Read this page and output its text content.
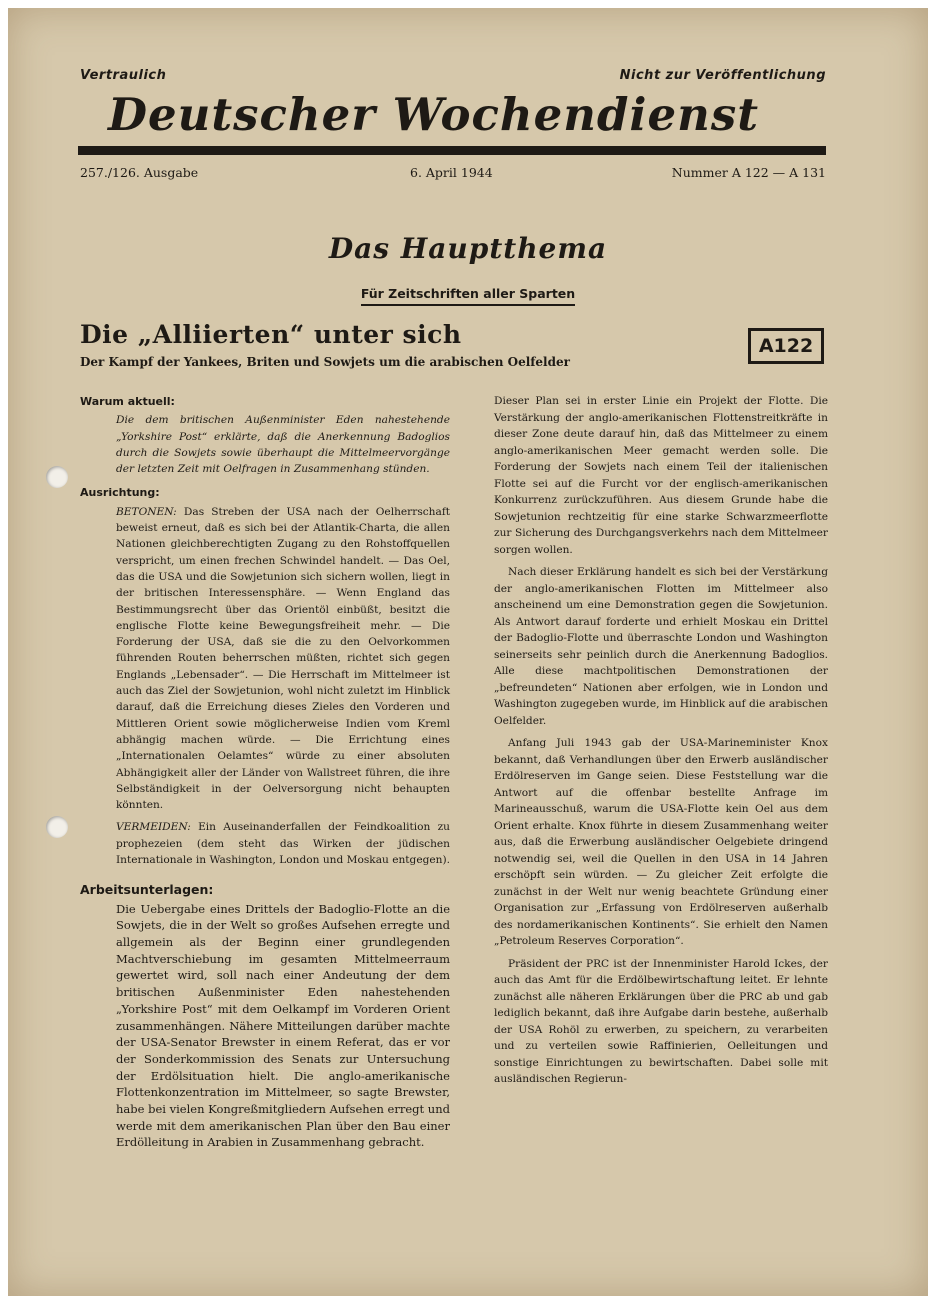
Vertraulich	Nicht zur Veröffentlichung
Deutscher Wochendienst
257./126. Ausgabe	6. April 1944	Nummer A 122 — A 131
Das Hauptthema
Für Zeitschriften aller Sparten
Die „Alliierten“ unter sich
Der Kampf der Yankees, Briten und Sowjets um die arabischen Oelfelder
A122
Warum aktuell:
Die dem britischen Außenminister Eden nahestehende „Yorkshire Post“ erklärte, daß die Anerkennung Badoglios durch die Sowjets sowie überhaupt die Mittelmeervorgänge der letzten Zeit mit Oelfragen in Zusammenhang stünden.
Ausrichtung:

BETONEN: Das Streben der USA nach der Oelherrschaft beweist erneut, daß es sich bei der Atlantik-Charta, die allen Nationen gleichberechtigten Zugang zu den Rohstoffquellen verspricht, um einen frechen Schwindel handelt. — Das Oel, das die USA und die Sowjetunion sich sichern wollen, liegt in der britischen Interessensphäre. — Wenn England das Bestimmungsrecht über das Orientöl einbüßt, besitzt die englische Flotte keine Bewegungsfreiheit mehr. — Die Forderung der USA, daß sie die zu den Oelvorkommen führenden Routen beherrschen müßten, richtet sich gegen Englands „Lebensader“. — Die Herrschaft im Mittelmeer ist auch das Ziel der Sowjetunion, wohl nicht zuletzt im Hinblick darauf, daß die Erreichung dieses Zieles den Vorderen und Mittleren Orient sowie möglicherweise Indien vom Kreml abhängig machen würde. — Die Errichtung eines „Internationalen Oelamtes“ würde zu einer absoluten Abhängigkeit aller der Länder von Wallstreet führen, die ihre Selbständigkeit in der Oelversorgung nicht behaupten könnten.

VERMEIDEN: Ein Auseinanderfallen der Feindkoalition zu prophezeien (dem steht das Wirken der jüdischen Internationale in Washington, London und Moskau entgegen).

Arbeitsunterlagen:
Die Uebergabe eines Drittels der Badoglio-Flotte an die Sowjets, die in der Welt so großes Aufsehen erregte und allgemein als der Beginn einer grundlegenden Machtverschiebung im gesamten Mittelmeerraum gewertet wird, soll nach einer Andeutung der dem britischen Außenminister Eden nahestehenden „Yorkshire Post“ mit dem Oelkampf im Vorderen Orient zusammenhängen. Nähere Mitteilungen darüber machte der USA-Senator Brewster in einem Referat, das er vor der Sonderkommission des Senats zur Untersuchung der Erdölsituation hielt. Die anglo-amerikanische Flottenkonzentration im Mittelmeer, so sagte Brewster, habe bei vielen Kongreßmitgliedern Aufsehen erregt und werde mit dem amerikanischen Plan über den Bau einer Erdölleitung in Arabien in Zusammenhang gebracht.

Dieser Plan sei in erster Linie ein Projekt der Flotte. Die Verstärkung der anglo-amerikanischen Flottenstreitkräfte in dieser Zone deute darauf hin, daß das Mittelmeer zu einem anglo-amerikanischen Meer gemacht werden solle. Die Forderung der Sowjets nach einem Teil der italienischen Flotte sei auf die Furcht vor der englisch-amerikanischen Konkurrenz zurückzuführen. Aus diesem Grunde habe die Sowjetunion rechtzeitig für eine starke Schwarzmeerflotte zur Sicherung des Durchgangsverkehrs nach dem Mittelmeer sorgen wollen.

Nach dieser Erklärung handelt es sich bei der Verstärkung der anglo-amerikanischen Flotten im Mittelmeer also anscheinend um eine Demonstration gegen die Sowjetunion. Als Antwort darauf forderte und erhielt Moskau ein Drittel der Badoglio-Flotte und überraschte London und Washington seinerseits sehr peinlich durch die Anerkennung Badoglios. Alle diese machtpolitischen Demonstrationen der „befreundeten“ Nationen aber erfolgen, wie in London und Washington zugegeben wurde, im Hinblick auf die arabischen Oelfelder.

Anfang Juli 1943 gab der USA-Marineminister Knox bekannt, daß Verhandlungen über den Erwerb ausländischer Erdölreserven im Gange seien. Diese Feststellung war die Antwort auf die offenbar bestellte Anfrage im Marineausschuß, warum die USA-Flotte kein Oel aus dem Orient erhalte. Knox führte in diesem Zusammenhang weiter aus, daß die Erwerbung ausländischer Oelgebiete dringend notwendig sei, weil die Quellen in den USA in 14 Jahren erschöpft sein würden. — Zu gleicher Zeit erfolgte die zunächst in der Welt nur wenig beachtete Gründung einer Organisation zur „Erfassung von Erdölreserven außerhalb des nordamerikanischen Kontinents“. Sie erhielt den Namen „Petroleum Reserves Corporation“.

Präsident der PRC ist der Innenminister Harold Ickes, der auch das Amt für die Erdölbewirtschaftung leitet. Er lehnte zunächst alle näheren Erklärungen über die PRC ab und gab lediglich bekannt, daß ihre Aufgabe darin bestehe, außerhalb der USA Rohöl zu erwerben, zu speichern, zu verarbeiten und zu verteilen sowie Raffinierien, Oelleitungen und sonstige Einrichtungen zu bewirtschaften. Dabei solle mit ausländischen Regierun-
